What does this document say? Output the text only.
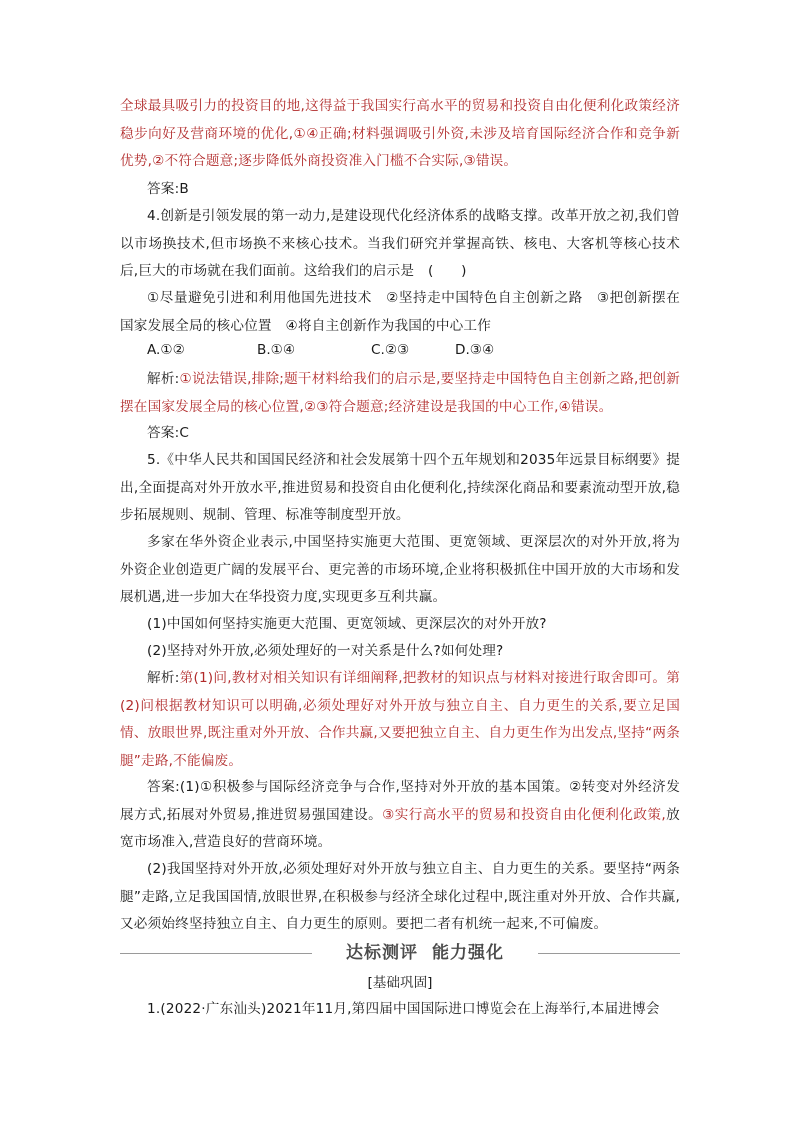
全球最具吸引力的投资目的地,这得益于我国实行高水平的贸易和投资自由化便利化政策经济稳步向好及营商环境的优化,①④正确;材料强调吸引外资,未涉及培育国际经济合作和竞争新优势,②不符合题意;逐步降低外商投资准入门槛不合实际,③错误。

答案:B

4.创新是引领发展的第一动力,是建设现代化经济体系的战略支撑。改革开放之初,我们曾以市场换技术,但市场换不来核心技术。当我们研究并掌握高铁、核电、大客机等核心技术后,巨大的市场就在我们面前。这给我们的启示是　(　　)

①尽量避免引进和利用他国先进技术　②坚持走中国特色自主创新之路　③把创新摆在国家发展全局的核心位置　④将自主创新作为我国的中心工作

A.①②	B.①④	C.②③	D.③④

解析:①说法错误,排除;题干材料给我们的启示是,要坚持走中国特色自主创新之路,把创新摆在国家发展全局的核心位置,②③符合题意;经济建设是我国的中心工作,④错误。

答案:C

5.《中华人民共和国国民经济和社会发展第十四个五年规划和2035年远景目标纲要》提出,全面提高对外开放水平,推进贸易和投资自由化便利化,持续深化商品和要素流动型开放,稳步拓展规则、规制、管理、标准等制度型开放。

多家在华外资企业表示,中国坚持实施更大范围、更宽领域、更深层次的对外开放,将为外资企业创造更广阔的发展平台、更完善的市场环境,企业将积极抓住中国开放的大市场和发展机遇,进一步加大在华投资力度,实现更多互利共赢。

(1)中国如何坚持实施更大范围、更宽领域、更深层次的对外开放?

(2)坚持对外开放,必须处理好的一对关系是什么?如何处理?

解析:第(1)问,教材对相关知识有详细阐释,把教材的知识点与材料对接进行取舍即可。第(2)问根据教材知识可以明确,必须处理好对外开放与独立自主、自力更生的关系,要立足国情、放眼世界,既注重对外开放、合作共赢,又要把独立自主、自力更生作为出发点,坚持“两条腿”走路,不能偏废。

答案:(1)①积极参与国际经济竞争与合作,坚持对外开放的基本国策。②转变对外经济发展方式,拓展对外贸易,推进贸易强国建设。③实行高水平的贸易和投资自由化便利化政策,放宽市场准入,营造良好的营商环境。

(2)我国坚持对外开放,必须处理好对外开放与独立自主、自力更生的关系。要坚持“两条腿”走路,立足我国国情,放眼世界,在积极参与经济全球化过程中,既注重对外开放、合作共赢,又必须始终坚持独立自主、自力更生的原则。要把二者有机统一起来,不可偏废。

达标测评 能力强化
[基础巩固]

1.(2022·广东汕头)2021年11月,第四届中国国际进口博览会在上海举行,本届进博会
